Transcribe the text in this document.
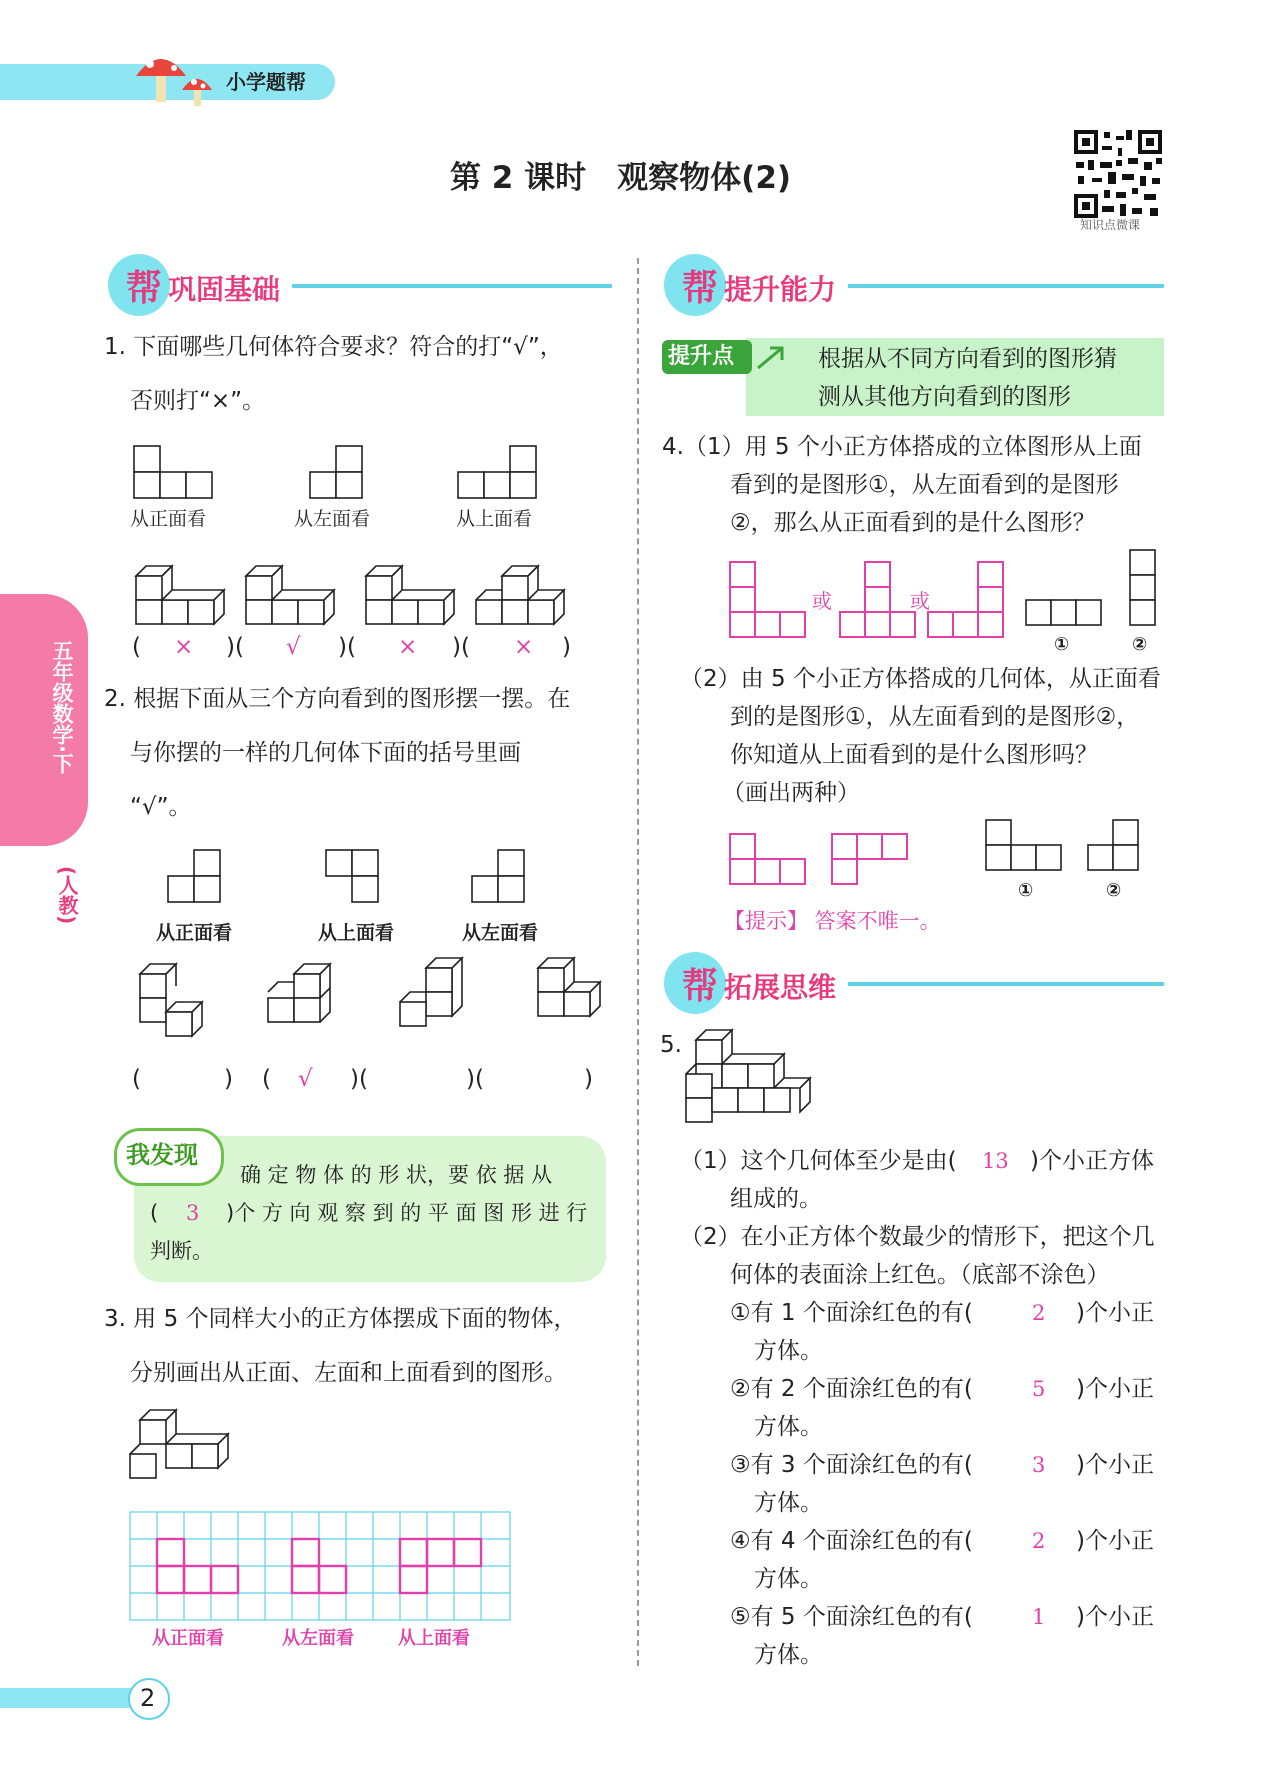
小学题帮
第 2 课时　观察物体(2)
知识点微课
五年级数学·下
(人教)
帮 巩固基础
1. 下面哪些几何体符合要求？符合的打“√”，
否则打“×”。
从正面看	从左面看	从上面看
( × )( √ )( × )( × )
2. 根据下面从三个方向看到的图形摆一摆。在
与你摆的一样的几何体下面的括号里画
“√”。
从正面看	从上面看	从左面看
(	) ( √ )(	)(	)
我发现
确 定 物 体 的 形 状，要 依 据 从
( 3 )个 方 向 观 察 到 的 平 面 图 形 进 行
判断。
3. 用 5 个同样大小的正方体摆成下面的物体，
分别画出从正面、左面和上面看到的图形。
从正面看	从左面看 从上面看
帮 提升能力
提升点	根据从不同方向看到的图形猜
测从其他方向看到的图形
4.（1）用 5 个小正方体搭成的立体图形从上面
看到的是图形①，从左面看到的是图形
②，那么从正面看到的是什么图形？
或	或
①	②
（2）由 5 个小正方体搭成的几何体，从正面看
到的是图形①，从左面看到的是图形②，
你知道从上面看到的是什么图形吗？
（画出两种）
①	②
【提示】 答案不唯一。
帮 拓展思维
5.
（1）这个几何体至少是由( 13 )个小正方体
组成的。
（2）在小正方体个数最少的情形下，把这个几
何体的表面涂上红色。（底部不涂色）
①有 1 个面涂红色的有(	2 )个小正
方体。
②有 2 个面涂红色的有(	5 )个小正
方体。
③有 3 个面涂红色的有(	3 )个小正
方体。
④有 4 个面涂红色的有(	2 )个小正
方体。
⑤有 5 个面涂红色的有(	1 )个小正
方体。
2
